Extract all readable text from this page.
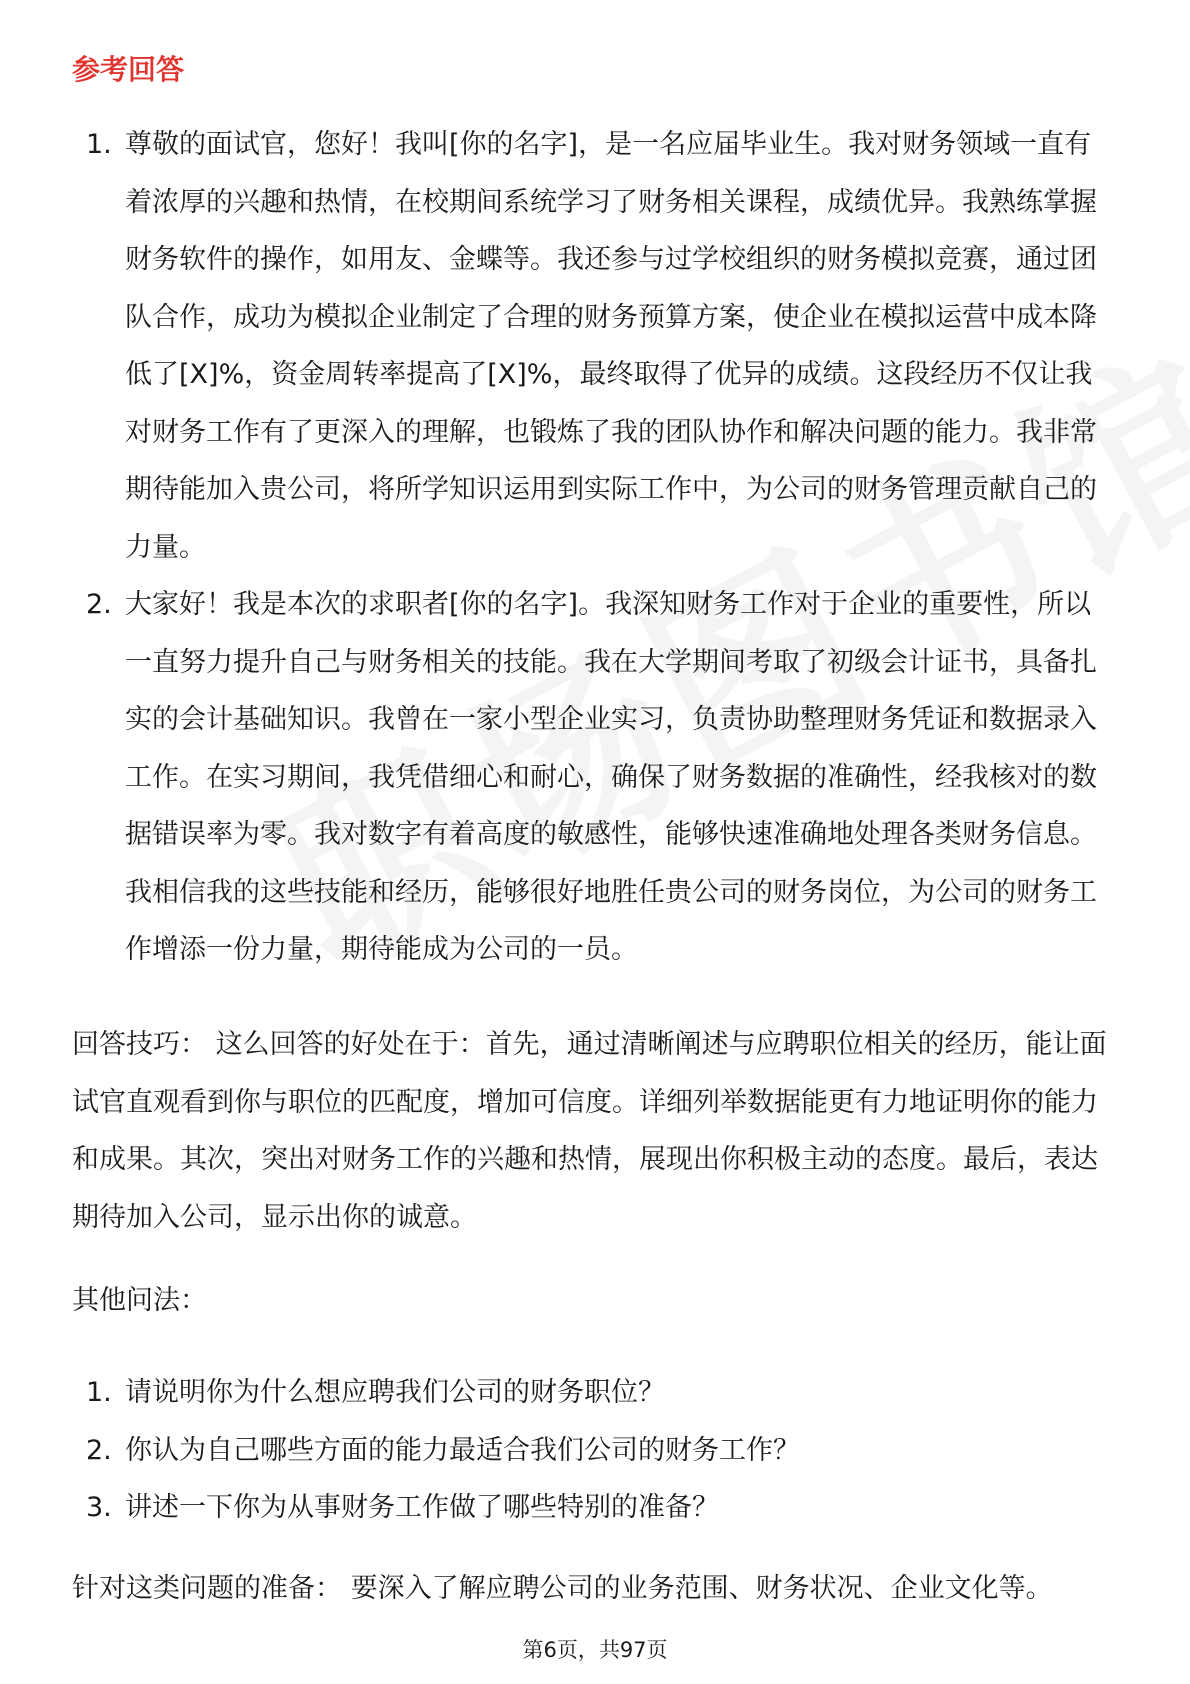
参考回答
1. 尊敬的面试官，您好！我叫[你的名字]，是一名应届毕业生。我对财务领域一直有着浓厚的兴趣和热情，在校期间系统学习了财务相关课程，成绩优异。我熟练掌握财务软件的操作，如用友、金蝶等。我还参与过学校组织的财务模拟竞赛，通过团队合作，成功为模拟企业制定了合理的财务预算方案，使企业在模拟运营中成本降低了[X]%，资金周转率提高了[X]%，最终取得了优异的成绩。这段经历不仅让我对财务工作有了更深入的理解，也锻炼了我的团队协作和解决问题的能力。我非常期待能加入贵公司，将所学知识运用到实际工作中，为公司的财务管理贡献自己的力量。
2. 大家好！我是本次的求职者[你的名字]。我深知财务工作对于企业的重要性，所以一直努力提升自己与财务相关的技能。我在大学期间考取了初级会计证书，具备扎实的会计基础知识。我曾在一家小型企业实习，负责协助整理财务凭证和数据录入工作。在实习期间，我凭借细心和耐心，确保了财务数据的准确性，经我核对的数据错误率为零。我对数字有着高度的敏感性，能够快速准确地处理各类财务信息。我相信我的这些技能和经历，能够很好地胜任贵公司的财务岗位，为公司的财务工作增添一份力量，期待能成为公司的一员。

回答技巧： 这么回答的好处在于：首先，通过清晰阐述与应聘职位相关的经历，能让面试官直观看到你与职位的匹配度，增加可信度。详细列举数据能更有力地证明你的能力和成果。其次，突出对财务工作的兴趣和热情，展现出你积极主动的态度。最后，表达期待加入公司，显示出你的诚意。

其他问法：

1. 请说明你为什么想应聘我们公司的财务职位？
2. 你认为自己哪些方面的能力最适合我们公司的财务工作？
3. 讲述一下你为从事财务工作做了哪些特别的准备？

针对这类问题的准备： 要深入了解应聘公司的业务范围、财务状况、企业文化等。

第6页，共97页
